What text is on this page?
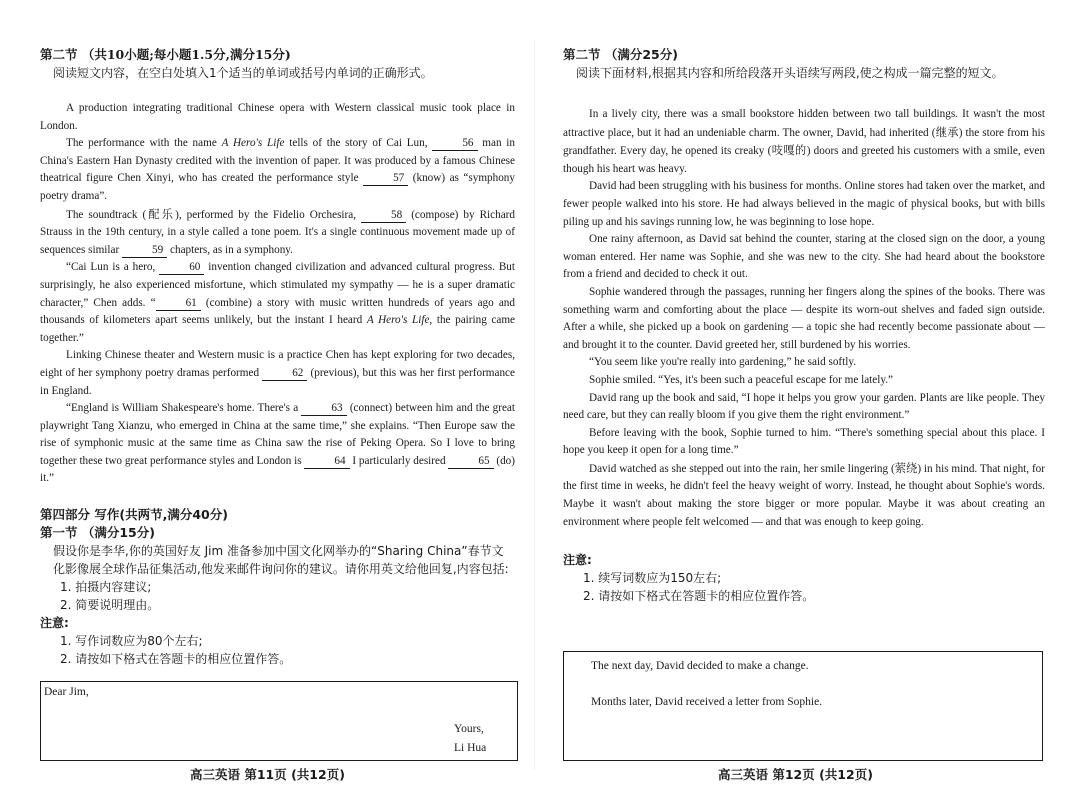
第二节 （共10小题;每小题1.5分,满分15分)

阅读短文内容，在空白处填入1个适当的单词或括号内单词的正确形式。

A production integrating traditional Chinese opera with Western classical music took place in London.

The performance with the name A Hero's Life tells of the story of Cai Lun,	56 man in China's Eastern Han Dynasty credited with the invention of paper. It was produced by a famous Chinese theatrical figure Chen Xinyi, who has created the performance style	57 (know) as “symphony poetry drama”.

The soundtrack (配乐), performed by the Fidelio Orchesira,	58 (compose) by Richard Strauss in the 19th century, in a style called a tone poem. It's a single continuous movement made up of sequences similar	59 chapters, as in a symphony.

“Cai Lun is a hero,	60 invention changed civilization and advanced cultural progress. But surprisingly, he also experienced misfortune, which stimulated my sympathy — he is a super dramatic character,” Chen adds. “	61 (combine) a story with music written hundreds of years ago and thousands of kilometers apart seems unlikely, but the instant I heard A Hero's Life, the pairing came together.”

Linking Chinese theater and Western music is a practice Chen has kept exploring for two decades, eight of her symphony poetry dramas performed	62 (previous), but this was her first performance in England.

“England is William Shakespeare's home. There's a	63 (connect) between him and the great playwright Tang Xianzu, who emerged in China at the same time,” she explains. “Then Europe saw the rise of symphonic music at the same time as China saw the rise of Peking Opera. So I love to bring together these two great performance styles and London is	64 I particularly desired	65 (do) it.”

第四部分 写作(共两节,满分40分)

第一节 （满分15分)

假设你是李华,你的英国好友 Jim 准备参加中国文化网举办的“Sharing China”春节文化影像展全球作品征集活动,他发来邮件询问你的建议。请你用英文给他回复,内容包括:

1. 拍摄内容建议;

2. 简要说明理由。

注意:

1. 写作词数应为80个左右;

2. 请按如下格式在答题卡的相应位置作答。

Dear Jim,
Yours,
Li Hua
高三英语 第11页 (共12页)

第二节 （满分25分)

阅读下面材料,根据其内容和所给段落开头语续写两段,使之构成一篇完整的短文。

In a lively city, there was a small bookstore hidden between two tall buildings. It wasn't the most attractive place, but it had an undeniable charm. The owner, David, had inherited (继承) the store from his grandfather. Every day, he opened its creaky (吱嘎的) doors and greeted his customers with a smile, even though his heart was heavy.

David had been struggling with his business for months. Online stores had taken over the market, and fewer people walked into his store. He had always believed in the magic of physical books, but with bills piling up and his savings running low, he was beginning to lose hope.

One rainy afternoon, as David sat behind the counter, staring at the closed sign on the door, a young woman entered. Her name was Sophie, and she was new to the city. She had heard about the bookstore from a friend and decided to check it out.

Sophie wandered through the passages, running her fingers along the spines of the books. There was something warm and comforting about the place — despite its worn-out shelves and faded sign outside. After a while, she picked up a book on gardening — a topic she had recently become passionate about — and brought it to the counter. David greeted her, still burdened by his worries.

“You seem like you're really into gardening,” he said softly.

Sophie smiled. “Yes, it's been such a peaceful escape for me lately.”

David rang up the book and said, “I hope it helps you grow your garden. Plants are like people. They need care, but they can really bloom if you give them the right environment.”

Before leaving with the book, Sophie turned to him. “There's something special about this place. I hope you keep it open for a long time.”

David watched as she stepped out into the rain, her smile lingering (萦绕) in his mind. That night, for the first time in weeks, he didn't feel the heavy weight of worry. Instead, he thought about Sophie's words. Maybe it wasn't about making the store bigger or more popular. Maybe it was about creating an environment where people felt welcomed — and that was enough to keep going.

注意:

1. 续写词数应为150左右;

2. 请按如下格式在答题卡的相应位置作答。

The next day, David decided to make a change.
Months later, David received a letter from Sophie.
高三英语 第12页 (共12页)
